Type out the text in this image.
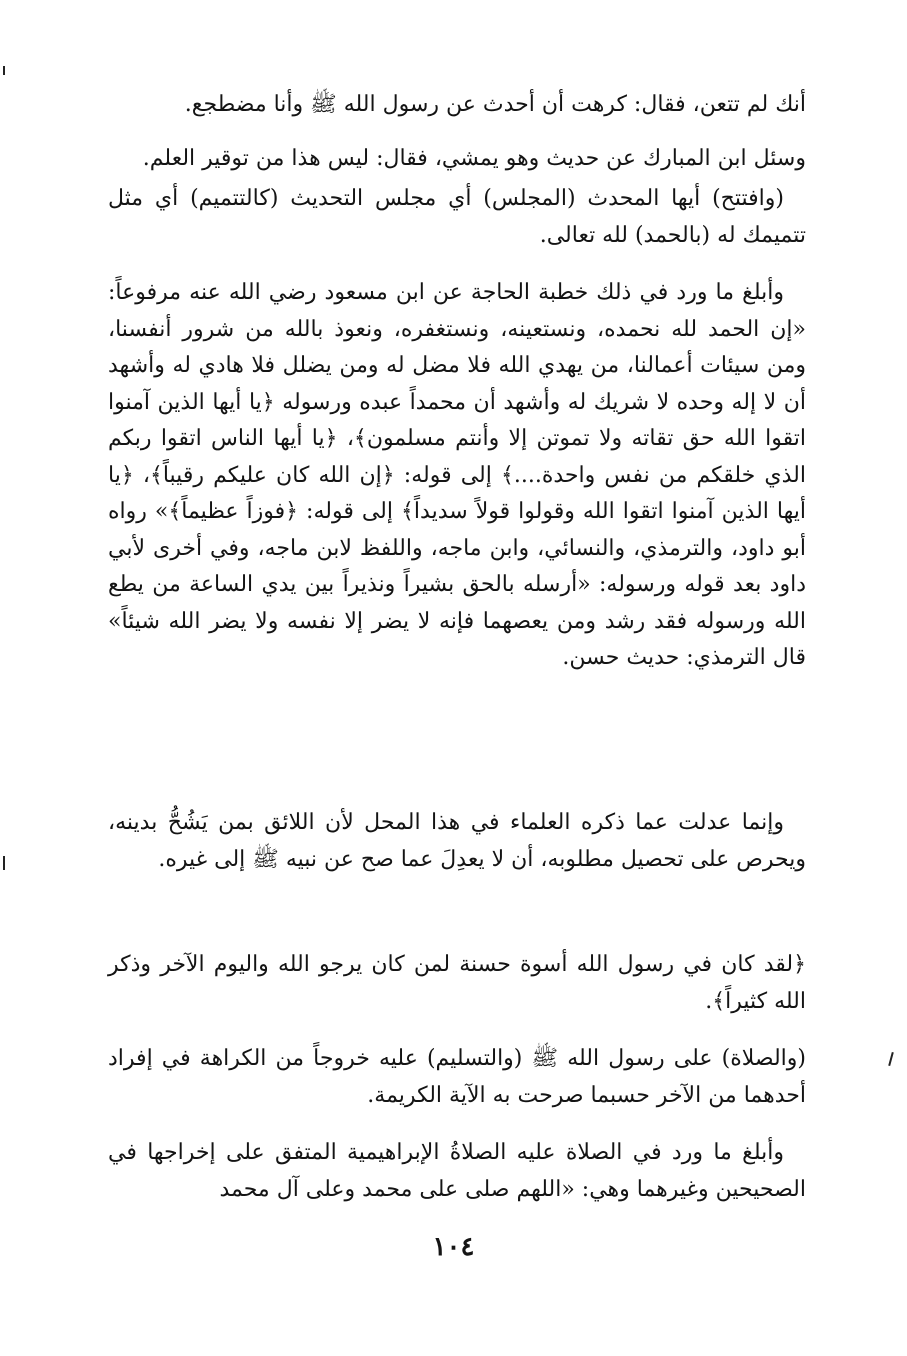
أنك لم تتعن، فقال: كرهت أن أحدث عن رسول الله ﷺ وأنا مضطجع.

وسئل ابن المبارك عن حديث وهو يمشي، فقال: ليس هذا من توقير العلم.

(وافتتح) أيها المحدث (المجلس) أي مجلس التحديث (كالتتميم) أي مثل تتميمك له (بالحمد) لله تعالى.

وأبلغ ما ورد في ذلك خطبة الحاجة عن ابن مسعود رضي الله عنه مرفوعاً: «إن الحمد لله نحمده، ونستعينه، ونستغفره، ونعوذ بالله من شرور أنفسنا، ومن سيئات أعمالنا، من يهدي الله فلا مضل له ومن يضلل فلا هادي له وأشهد أن لا إله وحده لا شريك له وأشهد أن محمداً عبده ورسوله ﴿يا أيها الذين آمنوا اتقوا الله حق تقاته ولا تموتن إلا وأنتم مسلمون﴾، ﴿يا أيها الناس اتقوا ربكم الذي خلقكم من نفس واحدة....﴾ إلى قوله: ﴿إن الله كان عليكم رقيباً﴾، ﴿يا أيها الذين آمنوا اتقوا الله وقولوا قولاً سديداً﴾ إلى قوله: ﴿فوزاً عظيماً﴾» رواه أبو داود، والترمذي، والنسائي، وابن ماجه، واللفظ لابن ماجه، وفي أخرى لأبي داود بعد قوله ورسوله: «أرسله بالحق بشيراً ونذيراً بين يدي الساعة من يطع الله ورسوله فقد رشد ومن يعصهما فإنه لا يضر إلا نفسه ولا يضر الله شيئاً» قال الترمذي: حديث حسن.

وإنما عدلت عما ذكره العلماء في هذا المحل لأن اللائق بمن يَشُحُّ بدينه، ويحرص على تحصيل مطلوبه، أن لا يعدِلَ عما صح عن نبيه ﷺ إلى غيره.

﴿لقد كان في رسول الله أسوة حسنة لمن كان يرجو الله واليوم الآخر وذكر الله كثيراً﴾.

(والصلاة) على رسول الله ﷺ (والتسليم) عليه خروجاً من الكراهة في إفراد أحدهما من الآخر حسبما صرحت به الآية الكريمة.

وأبلغ ما ورد في الصلاة عليه الصلاةُ الإبراهيمية المتفق على إخراجها في الصحيحين وغيرهما وهي: «اللهم صلى على محمد وعلى آل محمد

١٠٤
